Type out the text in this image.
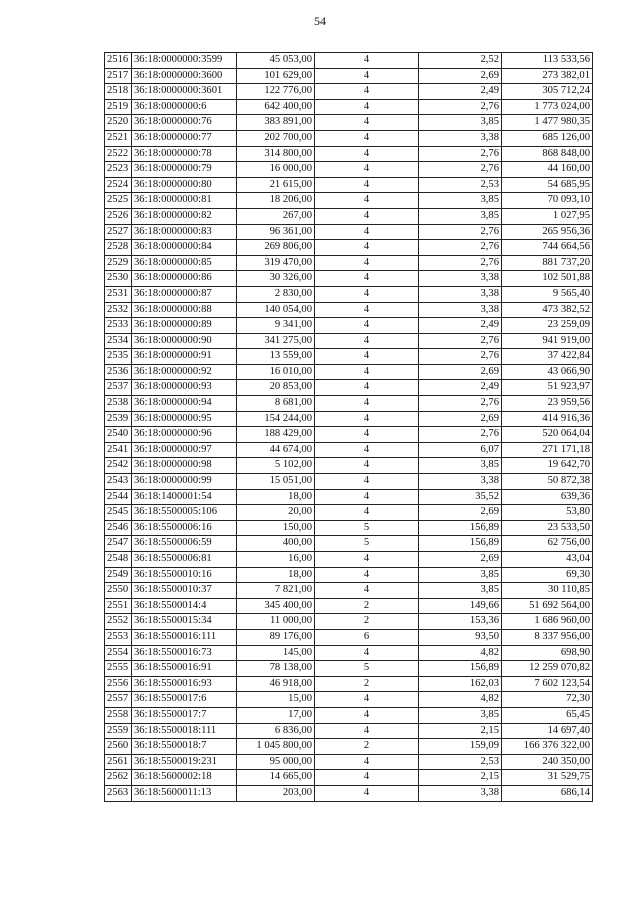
54
2516	36:18:0000000:3599	45 053,00	4	2,52	113 533,56
2517	36:18:0000000:3600	101 629,00	4	2,69	273 382,01
2518	36:18:0000000:3601	122 776,00	4	2,49	305 712,24
2519	36:18:0000000:6	642 400,00	4	2,76	1 773 024,00
2520	36:18:0000000:76	383 891,00	4	3,85	1 477 980,35
2521	36:18:0000000:77	202 700,00	4	3,38	685 126,00
2522	36:18:0000000:78	314 800,00	4	2,76	868 848,00
2523	36:18:0000000:79	16 000,00	4	2,76	44 160,00
2524	36:18:0000000:80	21 615,00	4	2,53	54 685,95
2525	36:18:0000000:81	18 206,00	4	3,85	70 093,10
2526	36:18:0000000:82	267,00	4	3,85	1 027,95
2527	36:18:0000000:83	96 361,00	4	2,76	265 956,36
2528	36:18:0000000:84	269 806,00	4	2,76	744 664,56
2529	36:18:0000000:85	319 470,00	4	2,76	881 737,20
2530	36:18:0000000:86	30 326,00	4	3,38	102 501,88
2531	36:18:0000000:87	2 830,00	4	3,38	9 565,40
2532	36:18:0000000:88	140 054,00	4	3,38	473 382,52
2533	36:18:0000000:89	9 341,00	4	2,49	23 259,09
2534	36:18:0000000:90	341 275,00	4	2,76	941 919,00
2535	36:18:0000000:91	13 559,00	4	2,76	37 422,84
2536	36:18:0000000:92	16 010,00	4	2,69	43 066,90
2537	36:18:0000000:93	20 853,00	4	2,49	51 923,97
2538	36:18:0000000:94	8 681,00	4	2,76	23 959,56
2539	36:18:0000000:95	154 244,00	4	2,69	414 916,36
2540	36:18:0000000:96	188 429,00	4	2,76	520 064,04
2541	36:18:0000000:97	44 674,00	4	6,07	271 171,18
2542	36:18:0000000:98	5 102,00	4	3,85	19 642,70
2543	36:18:0000000:99	15 051,00	4	3,38	50 872,38
2544	36:18:1400001:54	18,00	4	35,52	639,36
2545	36:18:5500005:106	20,00	4	2,69	53,80
2546	36:18:5500006:16	150,00	5	156,89	23 533,50
2547	36:18:5500006:59	400,00	5	156,89	62 756,00
2548	36:18:5500006:81	16,00	4	2,69	43,04
2549	36:18:5500010:16	18,00	4	3,85	69,30
2550	36:18:5500010:37	7 821,00	4	3,85	30 110,85
2551	36:18:5500014:4	345 400,00	2	149,66	51 692 564,00
2552	36:18:5500015:34	11 000,00	2	153,36	1 686 960,00
2553	36:18:5500016:111	89 176,00	6	93,50	8 337 956,00
2554	36:18:5500016:73	145,00	4	4,82	698,90
2555	36:18:5500016:91	78 138,00	5	156,89	12 259 070,82
2556	36:18:5500016:93	46 918,00	2	162,03	7 602 123,54
2557	36:18:5500017:6	15,00	4	4,82	72,30
2558	36:18:5500017:7	17,00	4	3,85	65,45
2559	36:18:5500018:111	6 836,00	4	2,15	14 697,40
2560	36:18:5500018:7	1 045 800,00	2	159,09	166 376 322,00
2561	36:18:5500019:231	95 000,00	4	2,53	240 350,00
2562	36:18:5600002:18	14 665,00	4	2,15	31 529,75
2563	36:18:5600011:13	203,00	4	3,38	686,14
